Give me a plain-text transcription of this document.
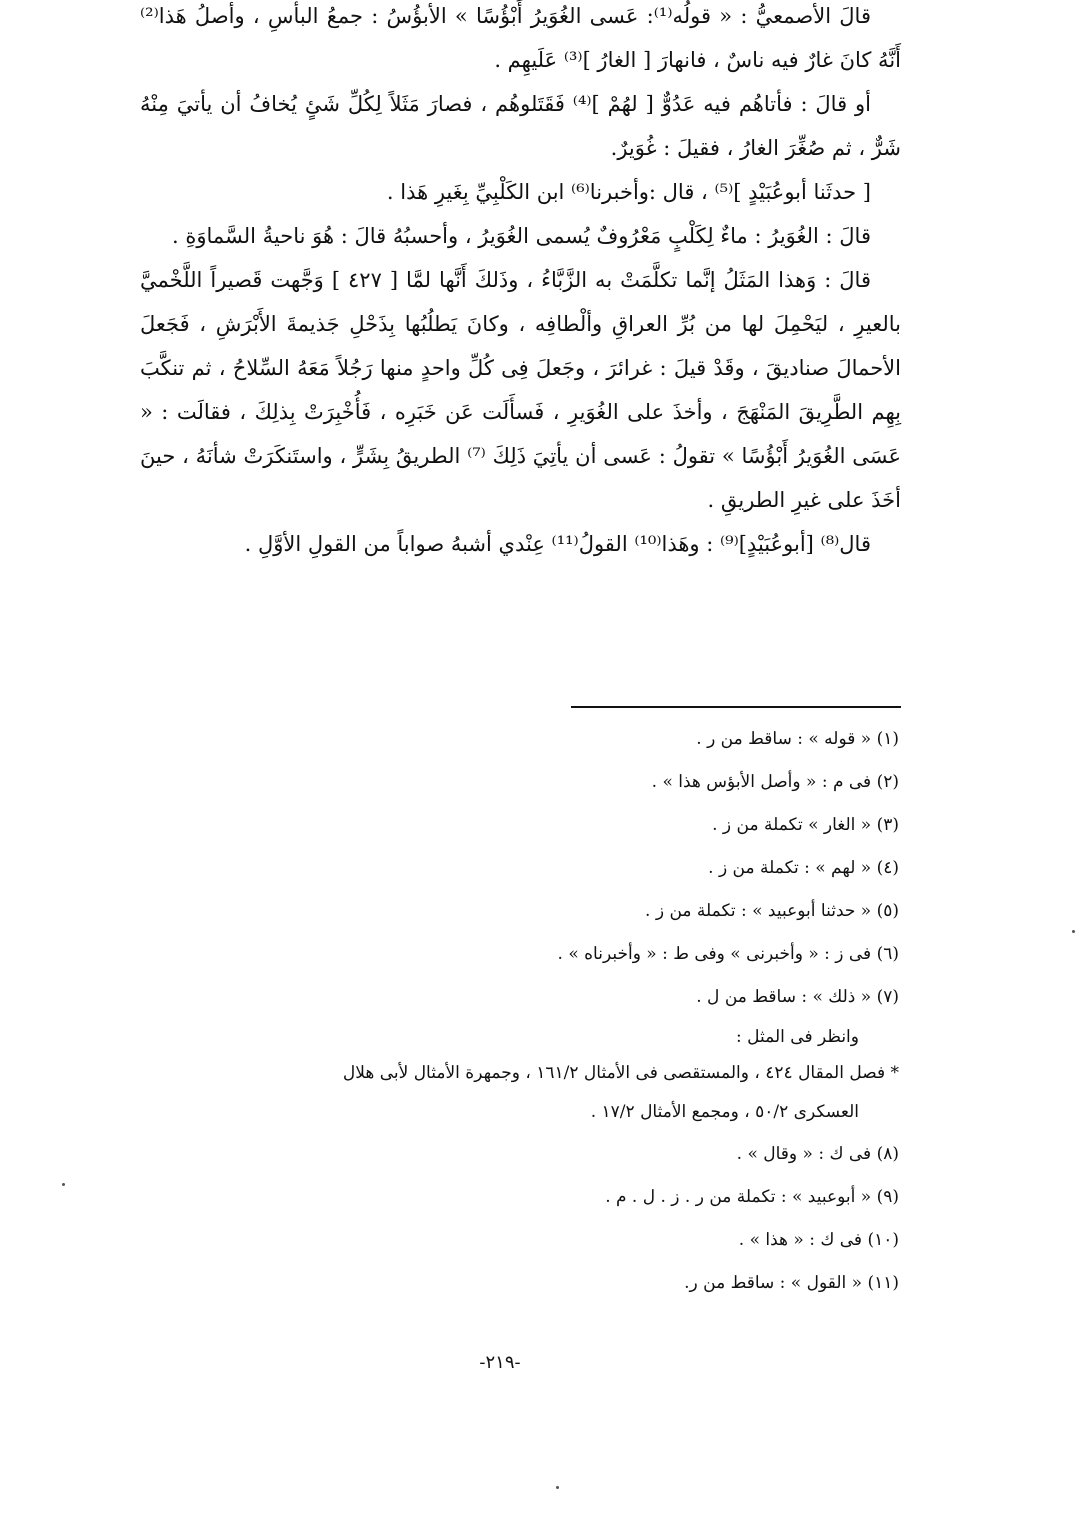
قالَ الأصمعيُّ : « قولُه⁽¹⁾: عَسى الغُوَيرُ أَبْؤُسًا » الأبؤُسُ : جمعُ البأسِ ، وأصلُ هَذا⁽²⁾ أَنَّهُ كانَ غارٌ فيه ناسٌ ، فانهارَ [ الغارُ ]⁽³⁾ عَلَيهِم .

أو قالَ : فأتاهُم فيه عَدُوٌّ [ لهُمْ ]⁽⁴⁾ فَقَتَلوهُم ، فصارَ مَثَلاً لِكُلِّ شَئٍ يُخافُ أن يأتيَ مِنْهُ شَرٌّ ، ثم صُغِّرَ الغارُ ، فقيلَ : غُوَيرٌ.

[ حدثَنا أبوعُبَيْدٍ ]⁽⁵⁾ ، قال :وأخبرنا⁽⁶⁾ ابن الكَلْبِيِّ بِغَيرِ هَذا .

قالَ : الغُوَيرُ : ماءٌ لِكَلْبٍ مَعْرُوفٌ يُسمى الغُوَيرُ ، وأحسبُهُ قالَ : هُوَ ناحيةُ السَّماوَةِ .

قالَ : وَهذا المَثَلُ إنَّما تكلَّمَتْ به الزَّبَّاءُ ، وذَلكَ أَنَّها لمَّا [ ٤٢٧ ] وَجَّهت قَصيراً اللَّخْميَّ بالعيرِ ، ليَحْمِلَ لها من بُرِّ العراقِ وألْطافِه ، وكانَ يَطلُبُها بِذَحْلِ جَذيمةَ الأَبْرَشِ ، فَجَعلَ الأحمالَ صناديقَ ، وقَدْ قيلَ : غرائرَ ، وجَعلَ فِى كُلِّ واحدٍ منها رَجُلاً مَعَهُ السِّلاحُ ، ثم تنكَّبَ بِهِم الطَّرِيقَ المَنْهَجَ ، وأخذَ على الغُوَيرِ ، فَسأَلَت عَن خَبَرِه ، فَأُخْبِرَتْ بِذلِكَ ، فقالَت : « عَسَى الغُوَيرُ أَبْؤُسًا » تقولُ : عَسى أن يأتِيَ ذَلِكَ ⁽⁷⁾ الطريقُ بِشَرٍّ ، واستَنكَرَتْ شأنَهُ ، حينَ أخَذَ على غيرِ الطريقِ .

قال⁽⁸⁾ [أبوعُبَيْدٍ]⁽⁹⁾ : وهَذا⁽¹⁰⁾ القولُ⁽¹¹⁾ عِنْدي أشبهُ صواباً من القولِ الأوَّلِ .

(١) « قوله » : ساقط من ر .
(٢) فى م : « وأصل الأبؤس هذا » .
(٣) « الغار » تكملة من ز .
(٤) « لهم » : تكملة من ز .
(٥) « حدثنا أبوعبيد » : تكملة من ز .
(٦) فى ز : « وأخبرنى » وفى ط : « وأخبرناه » .
(٧) « ذلك » : ساقط من ل .
وانظر فى المثل :
* فصل المقال ٤٢٤ ، والمستقصى فى الأمثال ١٦١/٢ ، وجمهرة الأمثال لأبى هلال
العسكرى ٥٠/٢ ، ومجمع الأمثال ١٧/٢ .
(٨) فى ك : « وقال » .
(٩) « أبوعبيد » : تكملة من ر . ز . ل . م .
(١٠) فى ك : « هذا » .
(١١) « القول » : ساقط من ر.
-٢١٩-
